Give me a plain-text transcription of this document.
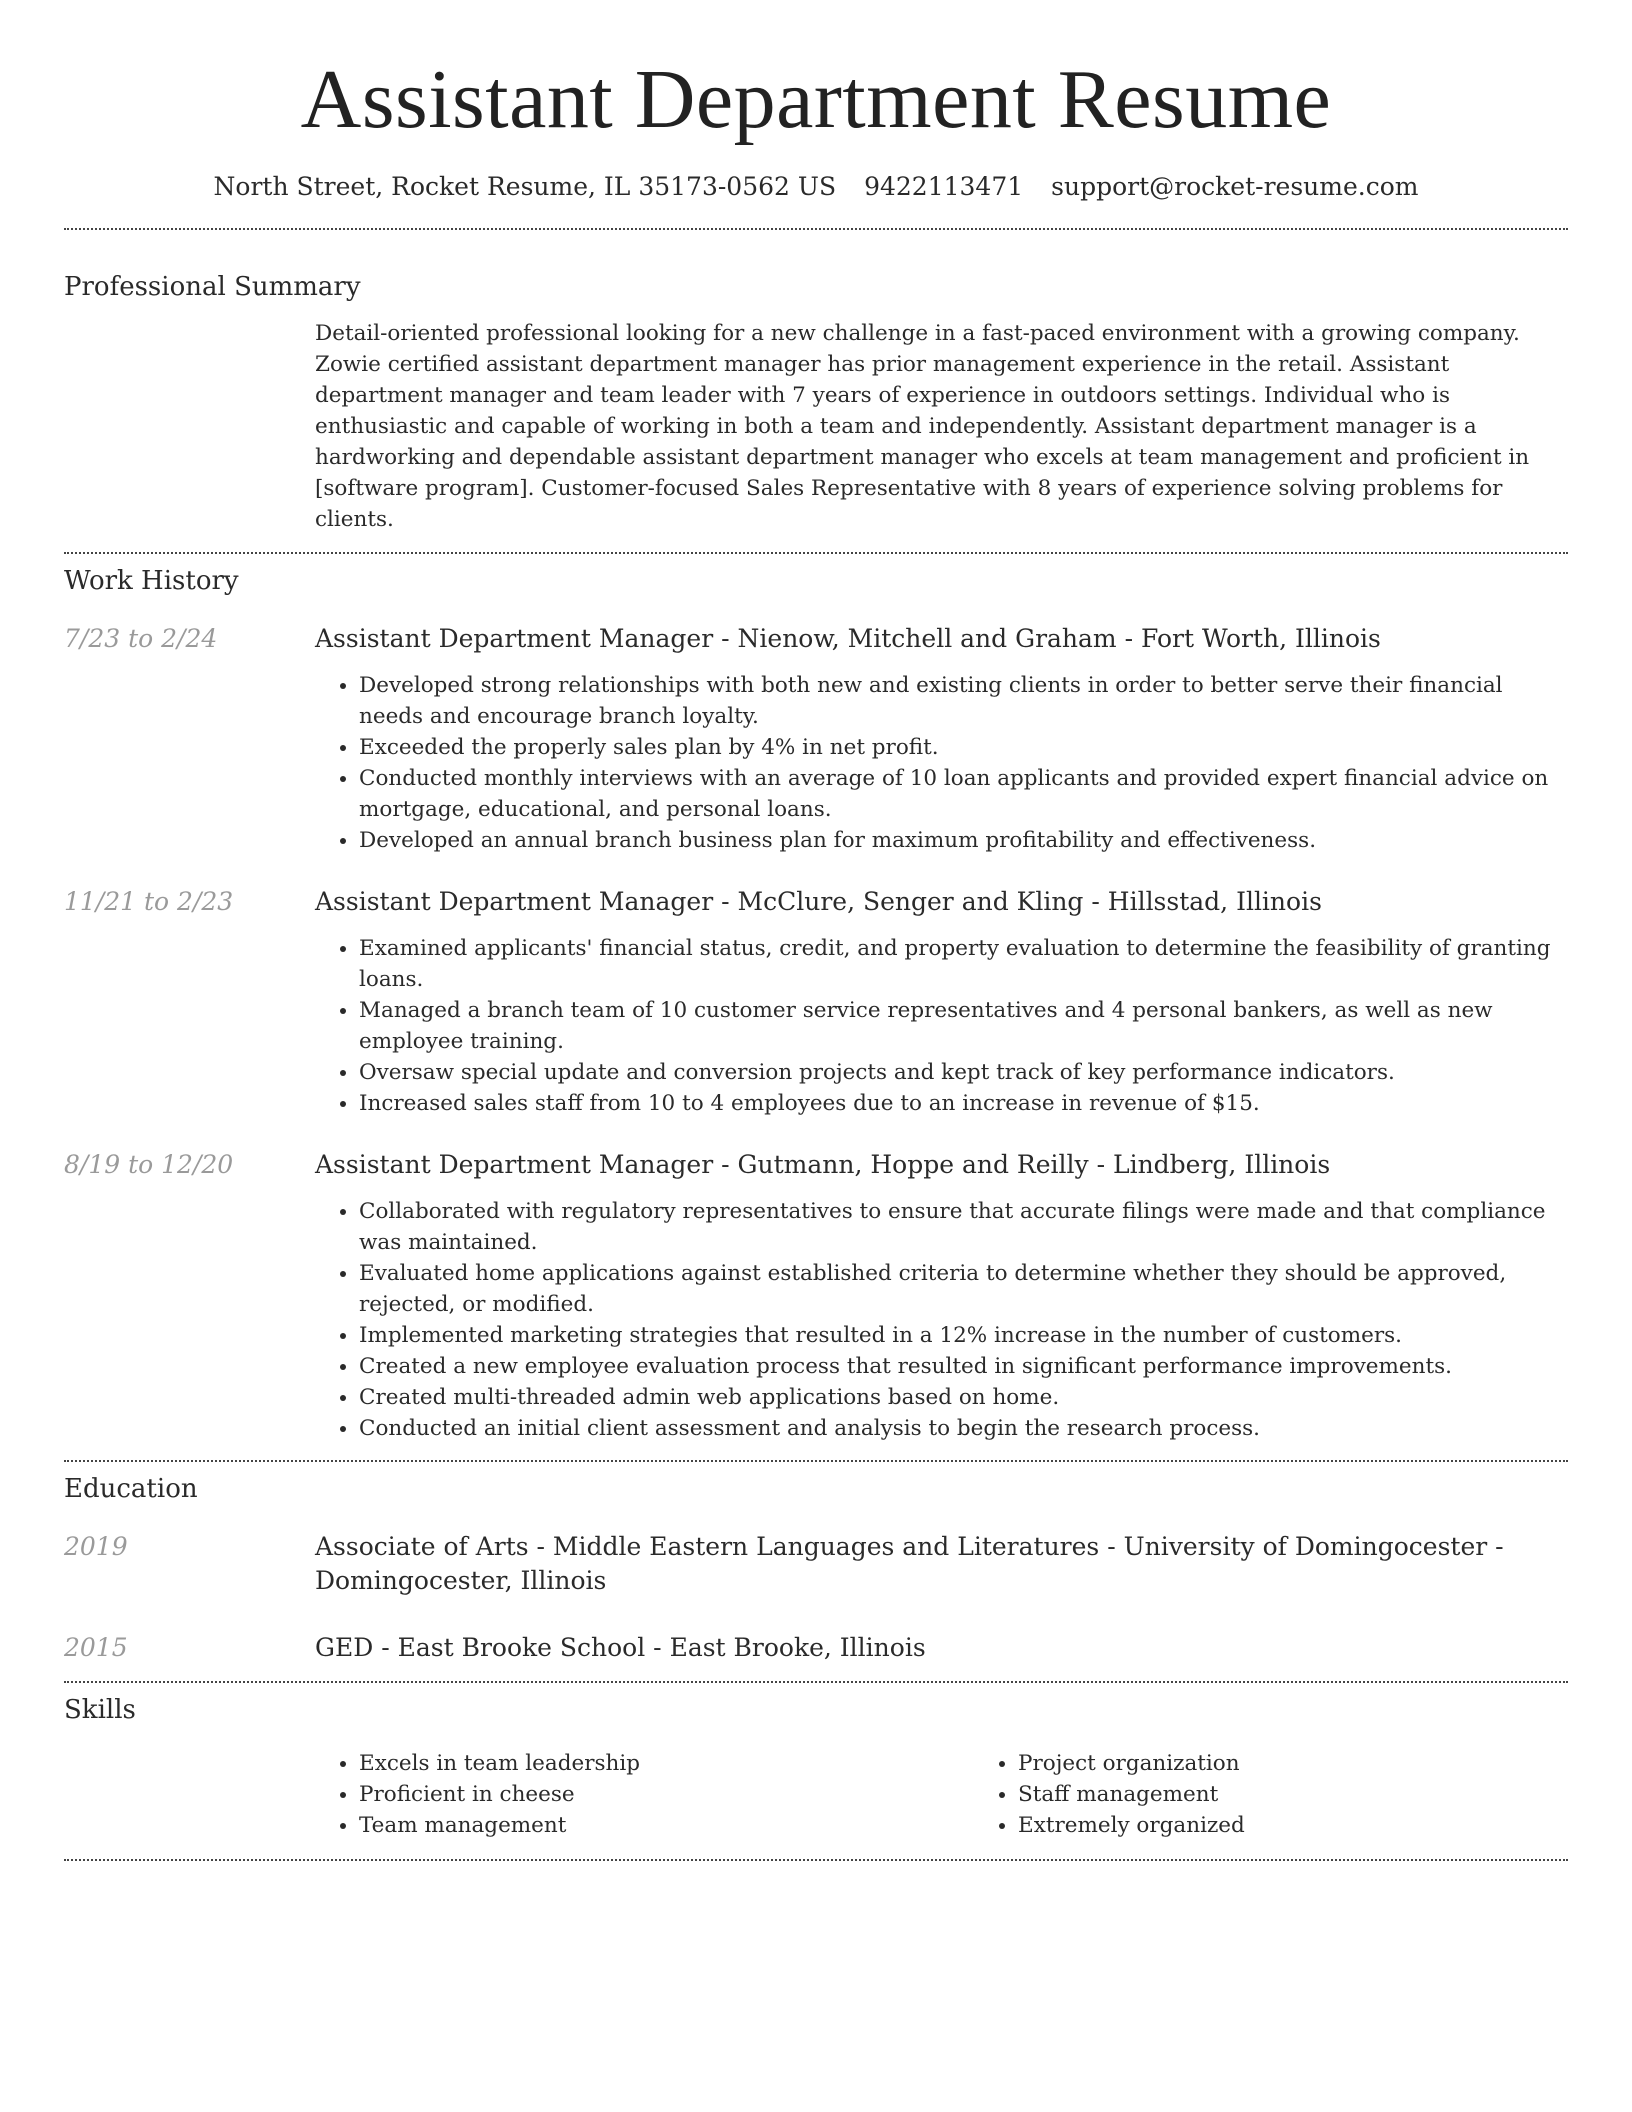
Assistant Department Resume
North Street, Rocket Resume, IL 35173-0562 US 9422113471 support@rocket-resume.com
Professional Summary

Detail-oriented professional looking for a new challenge in a fast-paced environment with a growing company. Zowie certified assistant department manager has prior management experience in the retail. Assistant department manager and team leader with 7 years of experience in outdoors settings. Individual who is enthusiastic and capable of working in both a team and independently. Assistant department manager is a hardworking and dependable assistant department manager who excels at team management and proficient in [software program]. Customer-focused Sales Representative with 8 years of experience solving problems for clients.

Work History
7/23 to 2/24	Assistant Department Manager - Nienow, Mitchell and Graham - Fort Worth, Illinois
• Developed strong relationships with both new and existing clients in order to better serve their financial needs and encourage branch loyalty.
• Exceeded the properly sales plan by 4% in net profit.
• Conducted monthly interviews with an average of 10 loan applicants and provided expert financial advice on mortgage, educational, and personal loans.
• Developed an annual branch business plan for maximum profitability and effectiveness.
11/21 to 2/23	Assistant Department Manager - McClure, Senger and Kling - Hillsstad, Illinois
• Examined applicants' financial status, credit, and property evaluation to determine the feasibility of granting loans.
• Managed a branch team of 10 customer service representatives and 4 personal bankers, as well as new employee training.
• Oversaw special update and conversion projects and kept track of key performance indicators.
• Increased sales staff from 10 to 4 employees due to an increase in revenue of $15.
8/19 to 12/20	Assistant Department Manager - Gutmann, Hoppe and Reilly - Lindberg, Illinois
• Collaborated with regulatory representatives to ensure that accurate filings were made and that compliance was maintained.
• Evaluated home applications against established criteria to determine whether they should be approved, rejected, or modified.
• Implemented marketing strategies that resulted in a 12% increase in the number of customers.
• Created a new employee evaluation process that resulted in significant performance improvements.
• Created multi-threaded admin web applications based on home.
• Conducted an initial client assessment and analysis to begin the research process.
Education
2019	Associate of Arts - Middle Eastern Languages and Literatures - University of Domingocester - Domingocester, Illinois
2015	GED - East Brooke School - East Brooke, Illinois
Skills
• Excels in team leadership
• Proficient in cheese
• Team management
• Project organization
• Staff management
• Extremely organized
